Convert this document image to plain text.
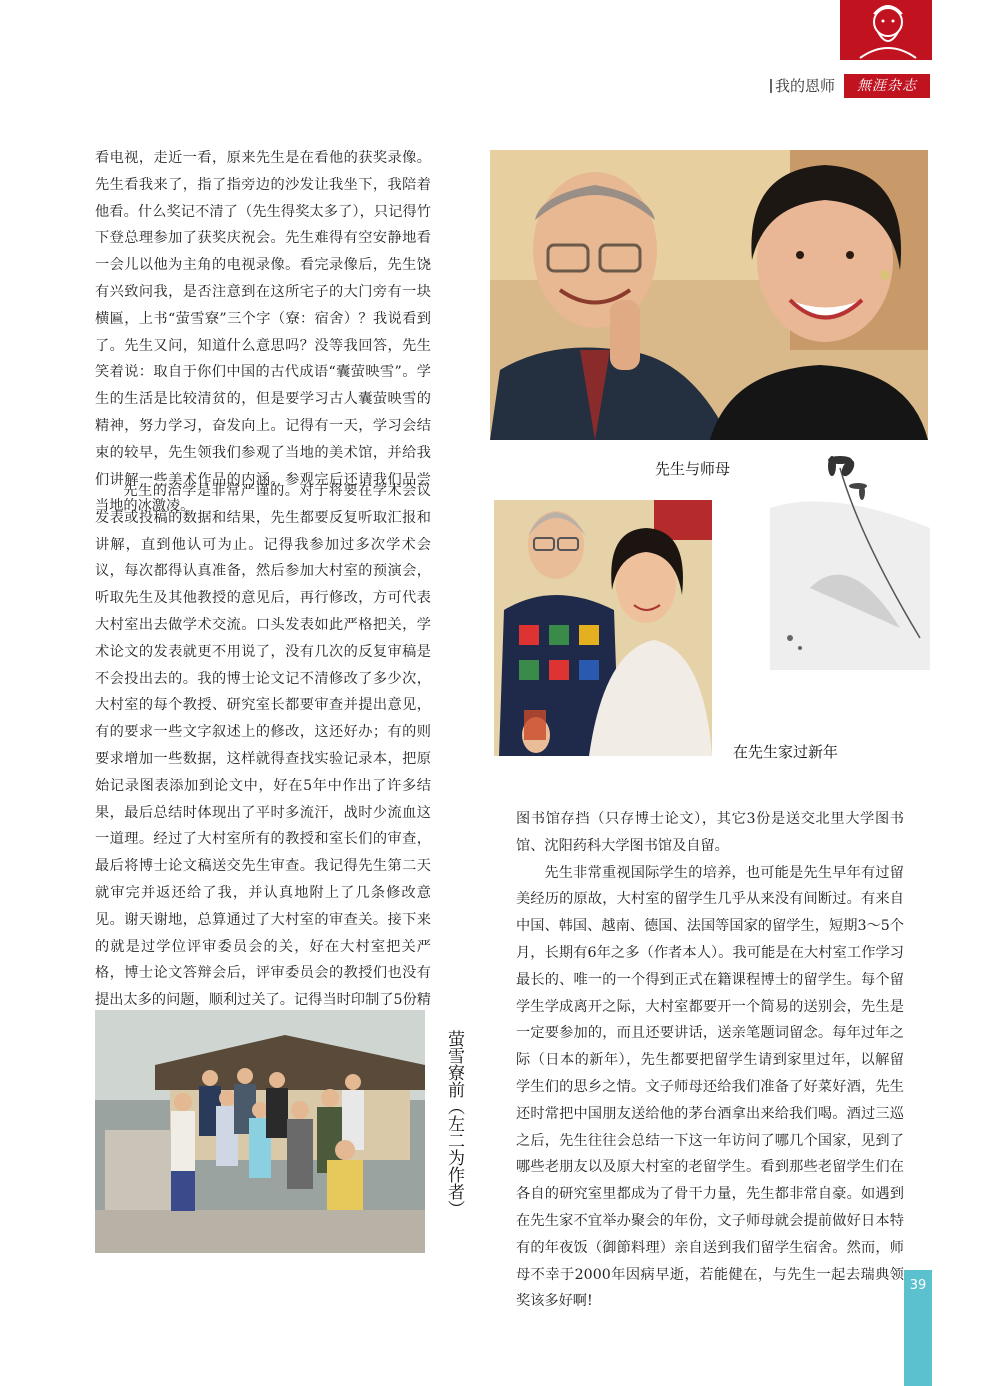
我的恩师	無涯杂志

看电视，走近一看，原来先生是在看他的获奖录像。先生看我来了，指了指旁边的沙发让我坐下，我陪着他看。什么奖记不清了（先生得奖太多了），只记得竹下登总理参加了获奖庆祝会。先生难得有空安静地看一会儿以他为主角的电视录像。看完录像后，先生饶有兴致问我，是否注意到在这所宅子的大门旁有一块横匾，上书“萤雪寮”三个字（寮：宿舍）？我说看到了。先生又问，知道什么意思吗？没等我回答，先生笑着说：取自于你们中国的古代成语“囊萤映雪”。学生的生活是比较清贫的，但是要学习古人囊萤映雪的精神，努力学习，奋发向上。记得有一天，学习会结束的较早，先生领我们参观了当地的美术馆，并给我们讲解一些美术作品的内涵。参观完后还请我们品尝当地的冰激凌。

先生的治学是非常严谨的。对于将要在学术会议发表或投稿的数据和结果，先生都要反复听取汇报和讲解，直到他认可为止。记得我参加过多次学术会议，每次都得认真准备，然后参加大村室的预演会，听取先生及其他教授的意见后，再行修改，方可代表大村室出去做学术交流。口头发表如此严格把关，学术论文的发表就更不用说了，没有几次的反复审稿是不会投出去的。我的博士论文记不清修改了多少次，大村室的每个教授、研究室长都要审查并提出意见，有的要求一些文字叙述上的修改，这还好办；有的则要求增加一些数据，这样就得查找实验记录本，把原始记录图表添加到论文中，好在5年中作出了许多结果，最后总结时体现出了平时多流汗，战时少流血这一道理。经过了大村室所有的教授和室长们的审查，最后将博士论文稿送交先生审查。我记得先生第二天就审完并返还给了我，并认真地附上了几条修改意见。谢天谢地，总算通过了大村室的审查关。接下来的就是过学位评审委员会的关，好在大村室把关严格，博士论文答辩会后，评审委员会的教授们也没有提出太多的问题，顺利过关了。记得当时印制了5份精

图书馆存挡（只存博士论文），其它3份是送交北里大学图书馆、沈阳药科大学图书馆及自留。

先生非常重视国际学生的培养，也可能是先生早年有过留美经历的原故，大村室的留学生几乎从来没有间断过。有来自中国、韩国、越南、德国、法国等国家的留学生，短期3～5个月，长期有6年之多（作者本人）。我可能是在大村室工作学习最长的、唯一的一个得到正式在籍课程博士的留学生。每个留学生学成离开之际，大村室都要开一个简易的送别会，先生是一定要参加的，而且还要讲话，送亲笔题词留念。每年过年之际（日本的新年），先生都要把留学生请到家里过年，以解留学生们的思乡之情。文子师母还给我们准备了好菜好酒，先生还时常把中国朋友送给他的茅台酒拿出来给我们喝。酒过三巡之后，先生往往会总结一下这一年访问了哪几个国家，见到了哪些老朋友以及原大村室的老留学生。看到那些老留学生们在各自的研究室里都成为了骨干力量，先生都非常自豪。如遇到在先生家不宜举办聚会的年份，文子师母就会提前做好日本特有的年夜饭（御節料理）亲自送到我们留学生宿舍。然而，师母不幸于2000年因病早逝，若能健在，与先生一起去瑞典领奖该多好啊!

先生与师母
在先生家过新年
萤雪寮前（左二为作者）
39
